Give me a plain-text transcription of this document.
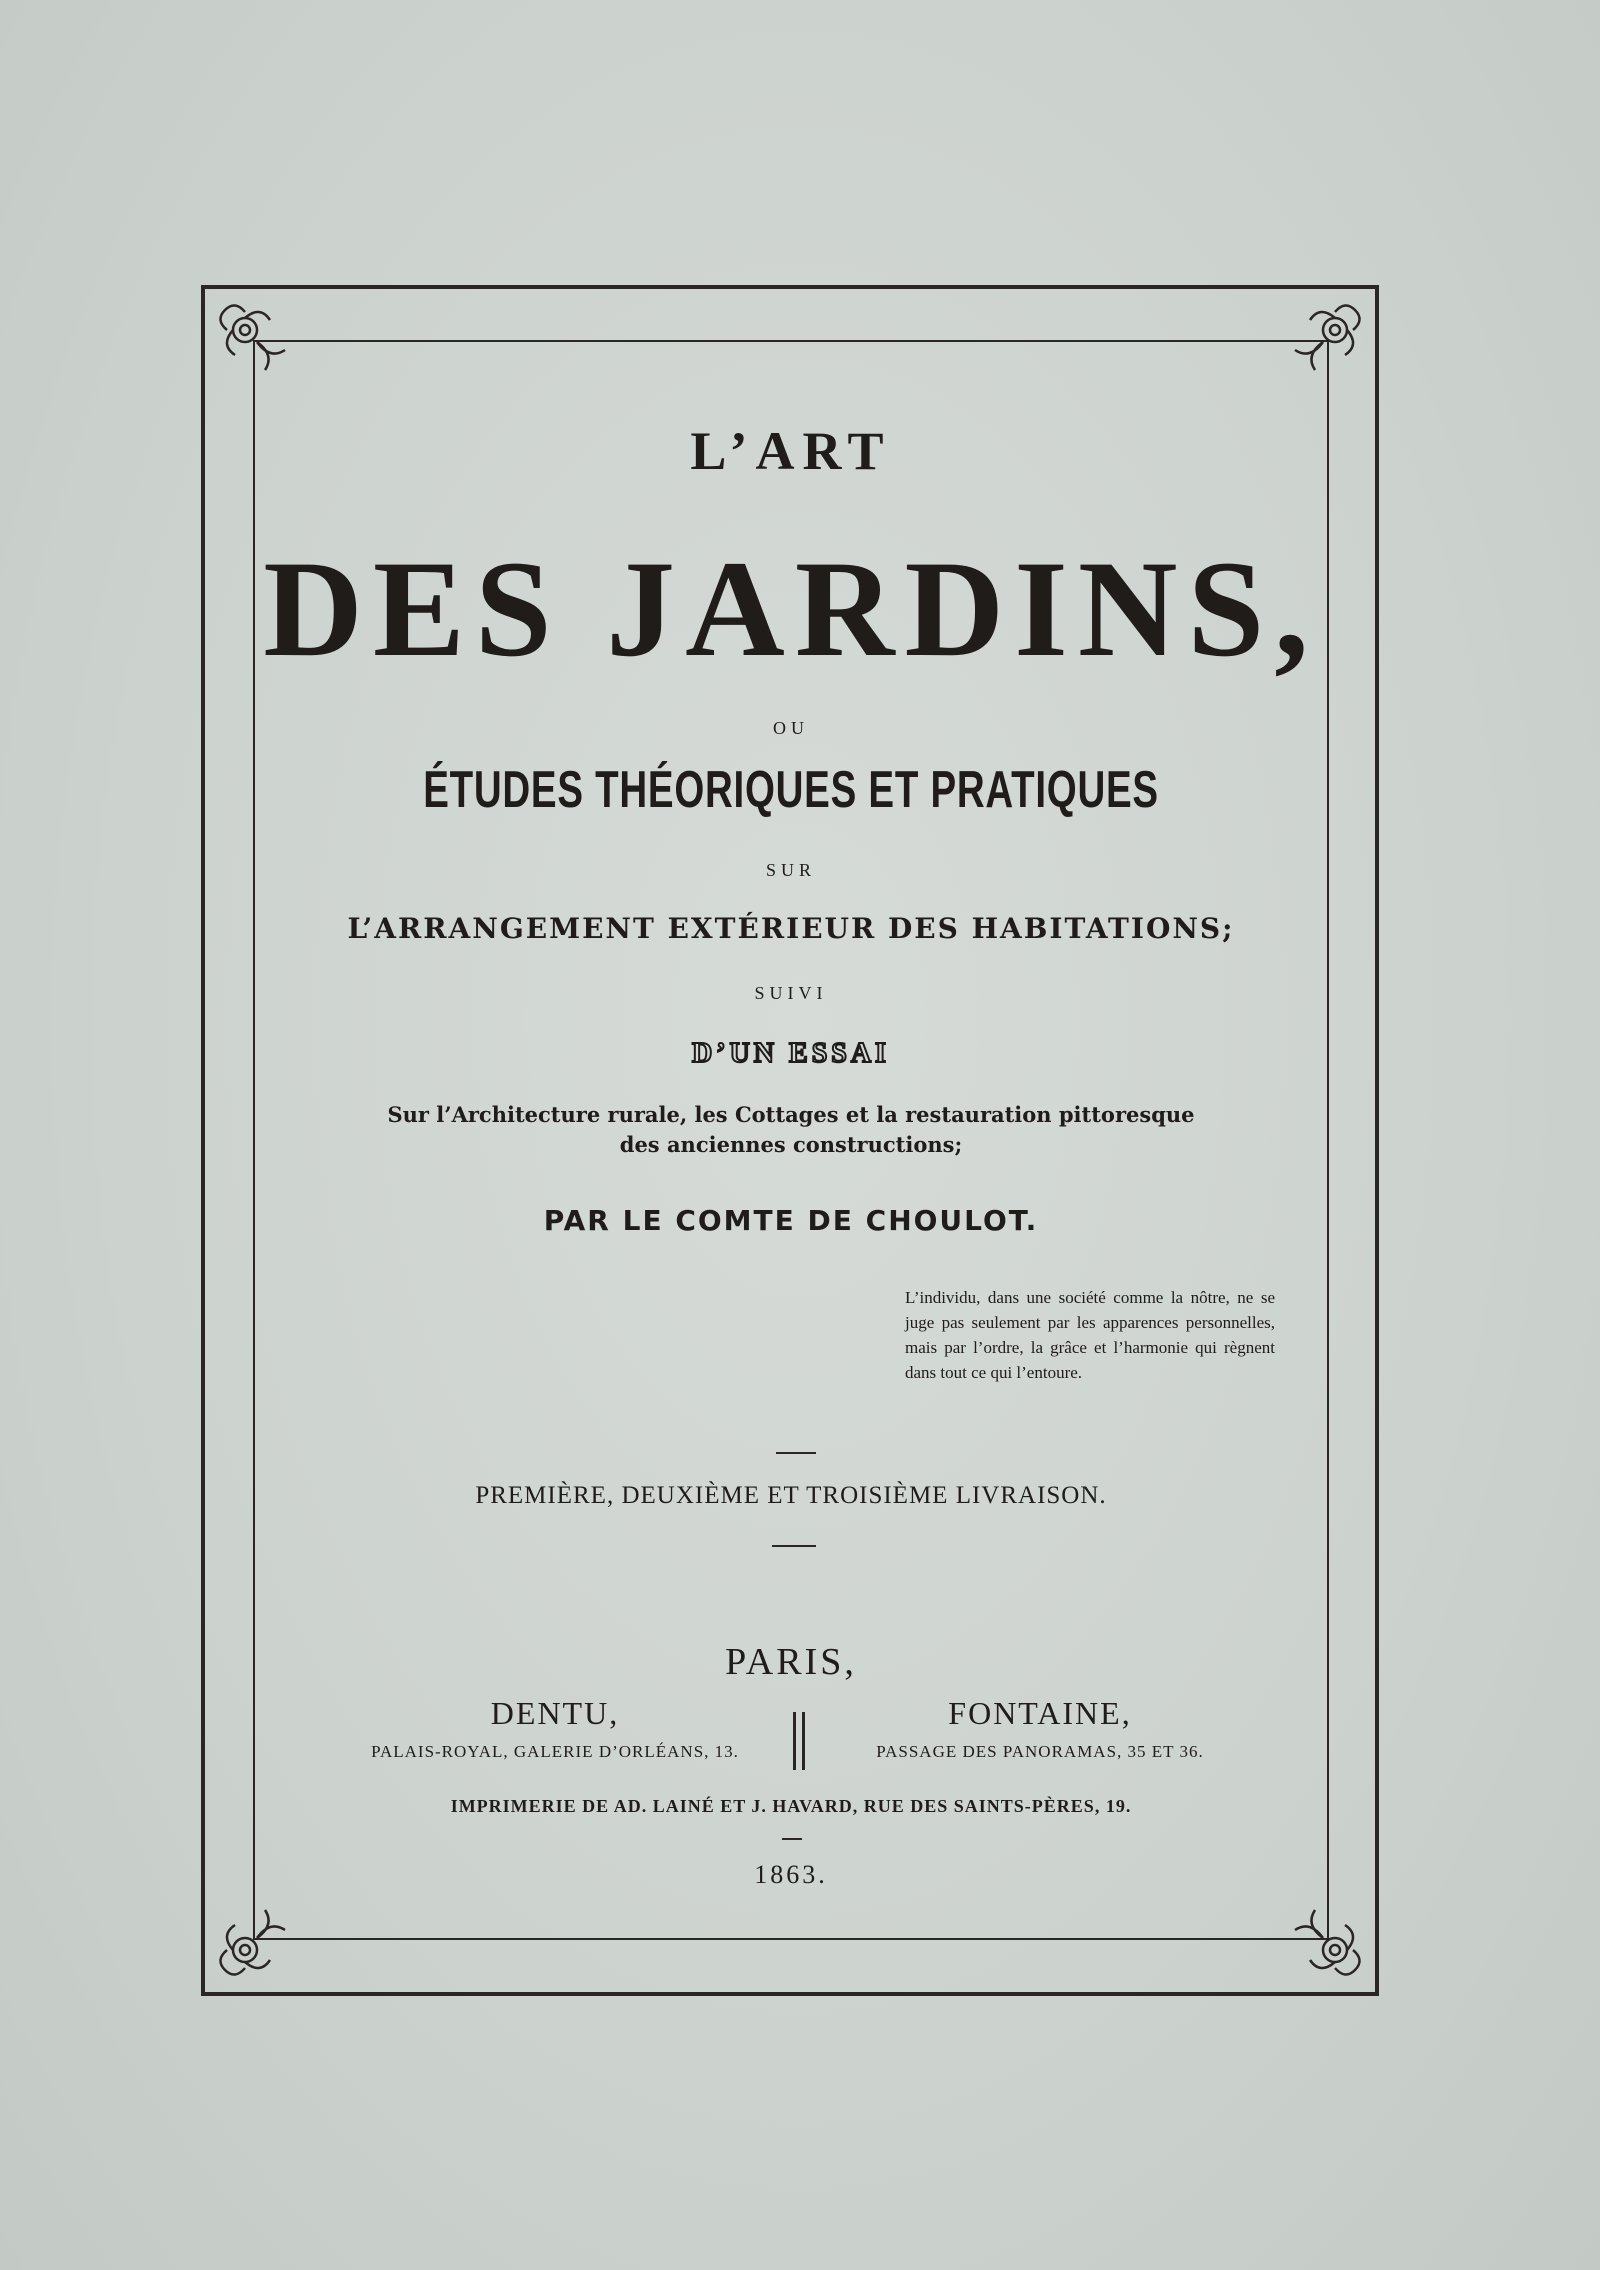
L’ART
DES JARDINS,
OU
ÉTUDES THÉORIQUES ET PRATIQUES
SUR
L’ARRANGEMENT EXTÉRIEUR DES HABITATIONS;
SUIVI
D’UN ESSAI
Sur l’Architecture rurale, les Cottages et la restauration pittoresque
des anciennes constructions;
PAR LE COMTE DE CHOULOT.
L’individu, dans une société comme la nôtre, ne se juge pas seulement par les apparences personnelles, mais par l’ordre, la grâce et l’harmonie qui règnent dans tout ce qui l’entoure.
PREMIÈRE, DEUXIÈME ET TROISIÈME LIVRAISON.
PARIS,
DENTU,
PALAIS-ROYAL, GALERIE D’ORLÉANS, 13.
FONTAINE,
PASSAGE DES PANORAMAS, 35 ET 36.
IMPRIMERIE DE AD. LAINÉ ET J. HAVARD, RUE DES SAINTS-PÈRES, 19.
1863.
